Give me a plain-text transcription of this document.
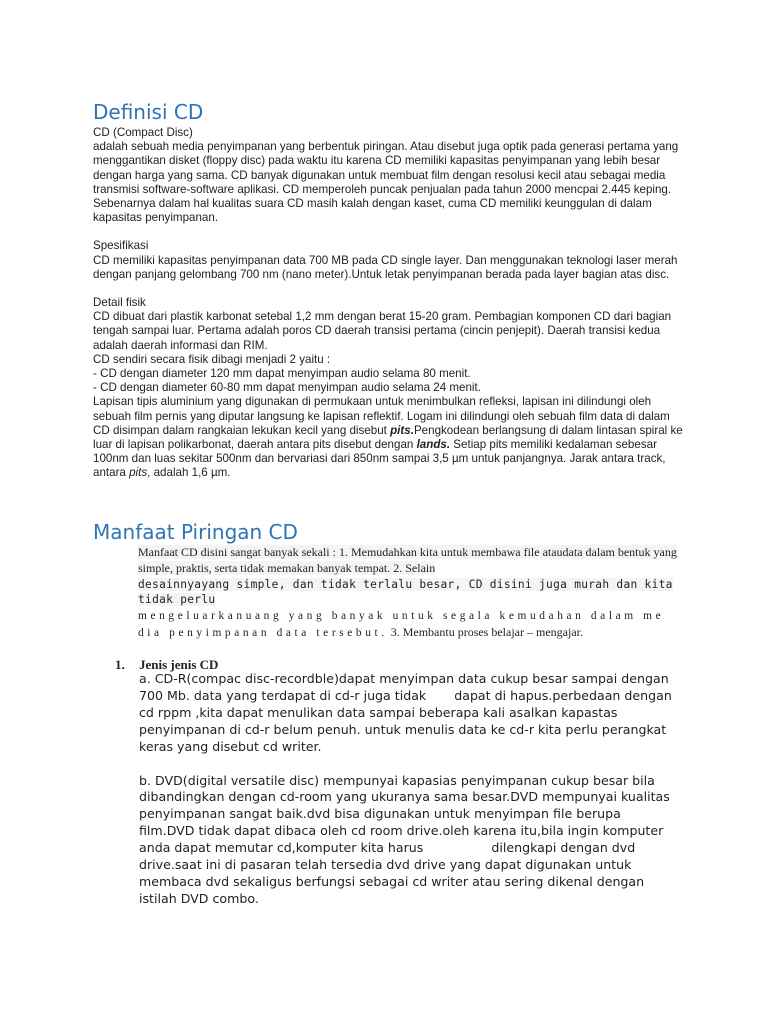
Definisi CD

CD (Compact Disc)

adalah sebuah media penyimpanan yang berbentuk piringan. Atau disebut juga optik pada generasi pertama yang menggantikan disket (floppy disc) pada waktu itu karena CD memiliki kapasitas penyimpanan yang lebih besar dengan harga yang sama. CD banyak digunakan untuk membuat film dengan resolusi kecil atau sebagai media transmisi software-software aplikasi. CD memperoleh puncak penjualan pada tahun 2000 mencpai 2.445 keping. Sebenarnya dalam hal kualitas suara CD masih kalah dengan kaset, cuma CD memiliki keunggulan di dalam kapasitas penyimpanan.

Spesifikasi

CD memiliki kapasitas penyimpanan data 700 MB pada CD single layer. Dan menggunakan teknologi laser merah dengan panjang gelombang 700 nm (nano meter).Untuk letak penyimpanan berada pada layer bagian atas disc.

Detail fisik

CD dibuat dari plastik karbonat setebal 1,2 mm dengan berat 15-20 gram. Pembagian komponen CD dari bagian tengah sampai luar. Pertama adalah poros CD daerah transisi pertama (cincin penjepit). Daerah transisi kedua adalah daerah informasi dan RIM.

CD sendiri secara fisik dibagi menjadi 2 yaitu :

- CD dengan diameter 120 mm dapat menyimpan audio selama 80 menit.

- CD dengan diameter 60-80 mm dapat menyimpan audio selama 24 menit.

Lapisan tipis aluminium yang digunakan di permukaan untuk menimbulkan refleksi, lapisan ini dilindungi oleh sebuah film pernis yang diputar langsung ke lapisan reflektif. Logam ini dilindungi oleh sebuah film data di dalam CD disimpan dalam rangkaian lekukan kecil yang disebut pits.Pengkodean berlangsung di dalam lintasan spiral ke luar di lapisan polikarbonat, daerah antara pits disebut dengan lands. Setiap pits memiliki kedalaman sebesar 100nm dan luas sekitar 500nm dan bervariasi dari 850nm sampai 3,5 µm untuk panjangnya. Jarak antara track, antara pits, adalah 1,6 µm.

Manfaat Piringan CD
Manfaat CD disini sangat banyak sekali : 1. Memudahkan kita untuk membawa file ataudata dalam bentuk yang simple, praktis, serta tidak memakan banyak tempat. 2. Selain
desainnyayang simple, dan tidak terlalu besar, CD disini juga murah dan kita tidak perlu
mengeluarkanuang yang banyak untuk segala kemudahan dalam me dia penyimpanan data tersebut. 3. Membantu proses belajar – mengajar.
1. Jenis jenis CD

a. CD-R(compac disc-recordble)dapat menyimpan data cukup besar sampai dengan 700 Mb. data yang terdapat di cd-r juga tidak       dapat di hapus.perbedaan dengan cd rppm ,kita dapat menulikan data sampai beberapa kali asalkan kapastas penyimpanan di cd-r belum penuh. untuk menulis data ke cd-r kita perlu perangkat keras yang disebut cd writer.

b. DVD(digital versatile disc) mempunyai kapasias penyimpanan cukup besar bila dibandingkan dengan cd-room yang ukuranya sama besar.DVD mempunyai kualitas penyimpanan sangat baik.dvd bisa digunakan untuk menyimpan file berupa film.DVD tidak dapat dibaca oleh cd room drive.oleh karena itu,bila ingin komputer anda dapat memutar cd,komputer kita harus                 dilengkapi dengan dvd drive.saat ini di pasaran telah tersedia dvd drive yang dapat digunakan untuk membaca dvd sekaligus berfungsi sebagai cd writer atau sering dikenal dengan istilah DVD combo.
